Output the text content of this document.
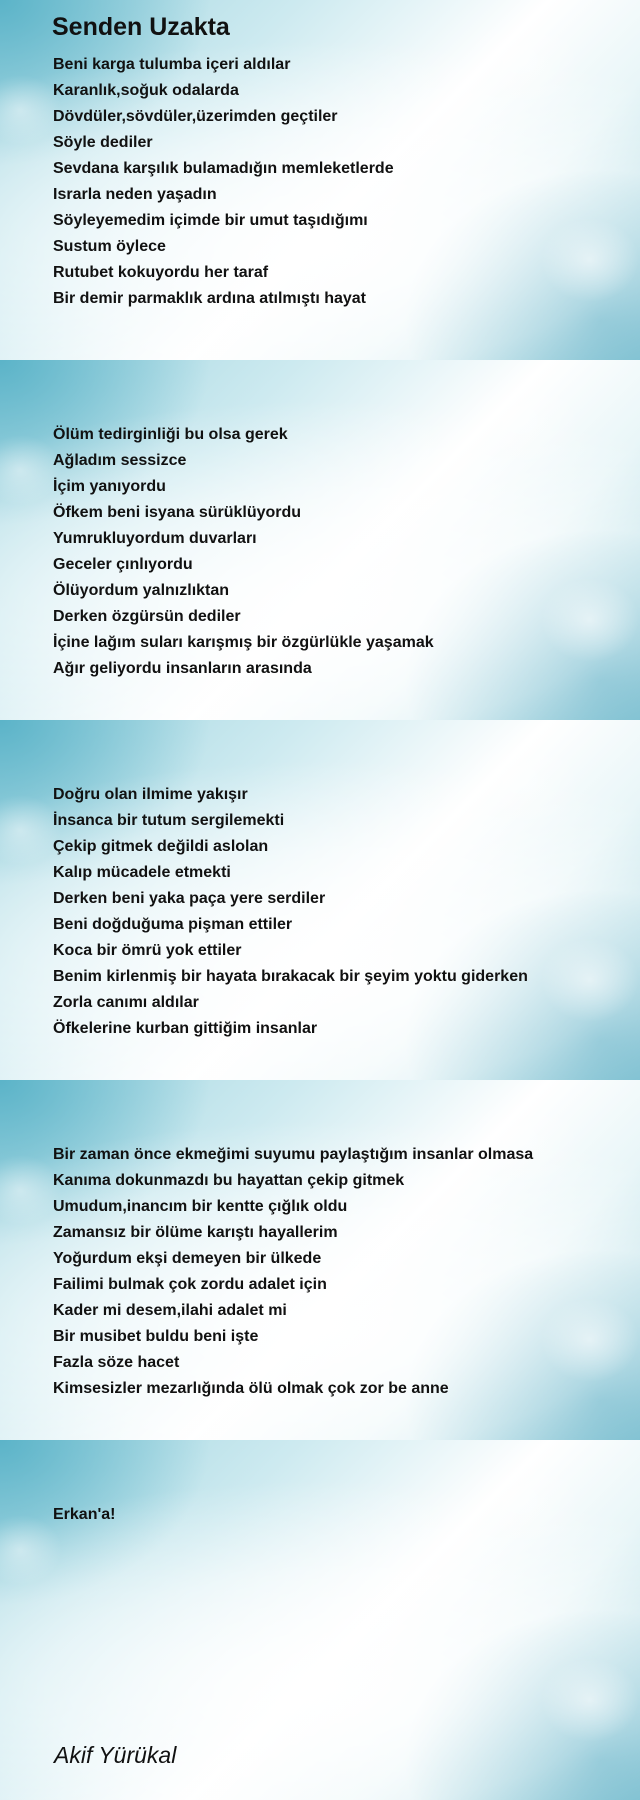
Senden Uzakta
Beni karga tulumba içeri aldılar
Karanlık,soğuk odalarda
Dövdüler,sövdüler,üzerimden geçtiler
Söyle dediler
Sevdana karşılık bulamadığın memleketlerde
Israrla neden yaşadın
Söyleyemedim içimde bir umut taşıdığımı
Sustum öylece
Rutubet kokuyordu her taraf
Bir demir parmaklık ardına atılmıştı hayat
Ölüm tedirginliği bu olsa gerek
Ağladım sessizce
İçim yanıyordu
Öfkem beni isyana sürüklüyordu
Yumrukluyordum duvarları
Geceler çınlıyordu
Ölüyordum yalnızlıktan
Derken özgürsün dediler
İçine lağım suları karışmış bir özgürlükle yaşamak
Ağır geliyordu insanların arasında
Doğru olan ilmime yakışır
İnsanca bir tutum sergilemekti
Çekip gitmek değildi aslolan
Kalıp mücadele etmekti
Derken beni yaka paça yere serdiler
Beni doğduğuma pişman ettiler
Koca bir ömrü yok ettiler
Benim kirlenmiş bir hayata bırakacak bir şeyim yoktu giderken
Zorla canımı aldılar
Öfkelerine kurban gittiğim insanlar
Bir zaman önce ekmeğimi suyumu paylaştığım insanlar olmasa
Kanıma dokunmazdı bu hayattan çekip gitmek
Umudum,inancım bir kentte çığlık oldu
Zamansız bir ölüme karıştı hayallerim
Yoğurdum ekşi demeyen bir ülkede
Failimi bulmak çok zordu adalet için
Kader mi desem,ilahi adalet mi
Bir musibet buldu beni işte
Fazla söze hacet
Kimsesizler mezarlığında ölü olmak çok zor be anne
Erkan'a!
Akif Yürükal
